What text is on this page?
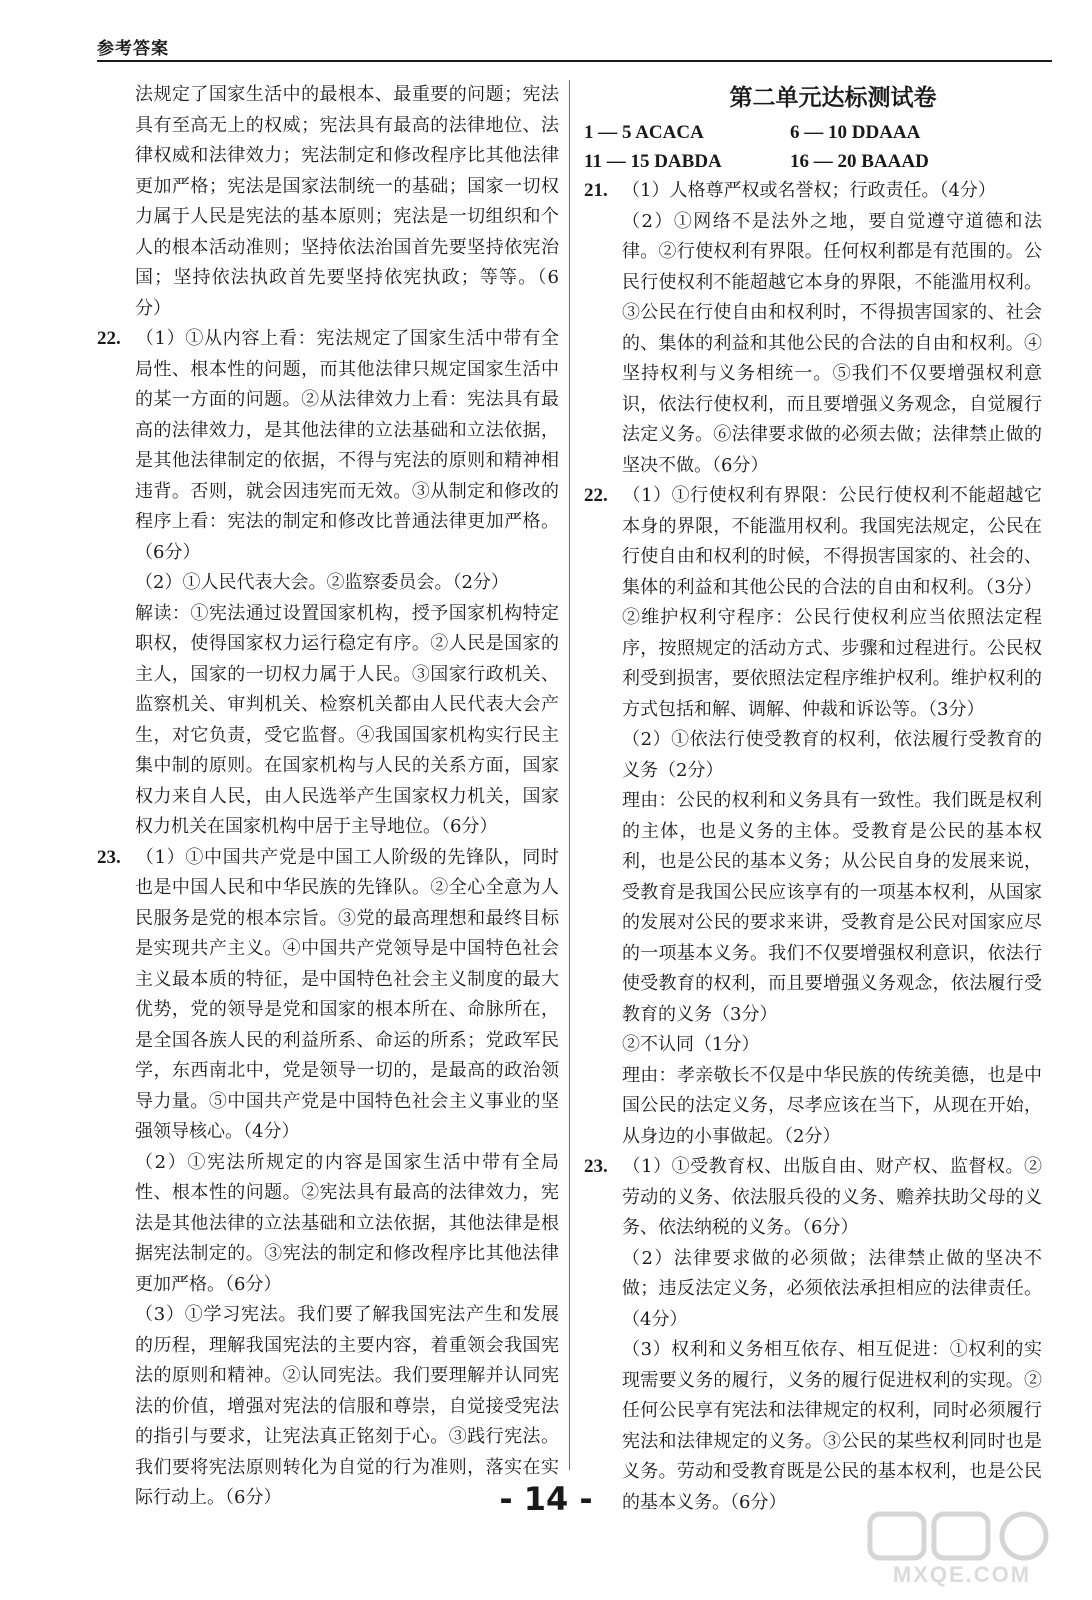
参考答案

法规定了国家生活中的最根本、最重要的问题；宪法具有至高无上的权威；宪法具有最高的法律地位、法律权威和法律效力；宪法制定和修改程序比其他法律更加严格；宪法是国家法制统一的基础；国家一切权力属于人民是宪法的基本原则；宪法是一切组织和个人的根本活动准则；坚持依法治国首先要坚持依宪治国；坚持依法执政首先要坚持依宪执政；等等。（6分）

22. （1）①从内容上看：宪法规定了国家生活中带有全局性、根本性的问题，而其他法律只规定国家生活中的某一方面的问题。②从法律效力上看：宪法具有最高的法律效力，是其他法律的立法基础和立法依据，是其他法律制定的依据，不得与宪法的原则和精神相违背。否则，就会因违宪而无效。③从制定和修改的程序上看：宪法的制定和修改比普通法律更加严格。（6分）

（2）①人民代表大会。②监察委员会。（2分）

解读：①宪法通过设置国家机构，授予国家机构特定职权，使得国家权力运行稳定有序。②人民是国家的主人，国家的一切权力属于人民。③国家行政机关、监察机关、审判机关、检察机关都由人民代表大会产生，对它负责，受它监督。④我国国家机构实行民主集中制的原则。在国家机构与人民的关系方面，国家权力来自人民，由人民选举产生国家权力机关，国家权力机关在国家机构中居于主导地位。（6分）

23. （1）①中国共产党是中国工人阶级的先锋队，同时也是中国人民和中华民族的先锋队。②全心全意为人民服务是党的根本宗旨。③党的最高理想和最终目标是实现共产主义。④中国共产党领导是中国特色社会主义最本质的特征，是中国特色社会主义制度的最大优势，党的领导是党和国家的根本所在、命脉所在，是全国各族人民的利益所系、命运的所系；党政军民学，东西南北中，党是领导一切的，是最高的政治领导力量。⑤中国共产党是中国特色社会主义事业的坚强领导核心。（4分）

（2）①宪法所规定的内容是国家生活中带有全局性、根本性的问题。②宪法具有最高的法律效力，宪法是其他法律的立法基础和立法依据，其他法律是根据宪法制定的。③宪法的制定和修改程序比其他法律更加严格。（6分）

（3）①学习宪法。我们要了解我国宪法产生和发展的历程，理解我国宪法的主要内容，着重领会我国宪法的原则和精神。②认同宪法。我们要理解并认同宪法的价值，增强对宪法的信服和尊崇，自觉接受宪法的指引与要求，让宪法真正铭刻于心。③践行宪法。我们要将宪法原则转化为自觉的行为准则，落实在实际行动上。（6分）

第二单元达标测试卷

1 — 5 ACACA	6 — 10 DDAAA
11 — 15 DABDA	16 — 20 BAAAD

21. （1）人格尊严权或名誉权；行政责任。（4分）

（2）①网络不是法外之地，要自觉遵守道德和法律。②行使权利有界限。任何权利都是有范围的。公民行使权利不能超越它本身的界限，不能滥用权利。③公民在行使自由和权利时，不得损害国家的、社会的、集体的利益和其他公民的合法的自由和权利。④坚持权利与义务相统一。⑤我们不仅要增强权利意识，依法行使权利，而且要增强义务观念，自觉履行法定义务。⑥法律要求做的必须去做；法律禁止做的坚决不做。（6分）

22. （1）①行使权利有界限：公民行使权利不能超越它本身的界限，不能滥用权利。我国宪法规定，公民在行使自由和权利的时候，不得损害国家的、社会的、集体的利益和其他公民的合法的自由和权利。（3分）②维护权利守程序：公民行使权利应当依照法定程序，按照规定的活动方式、步骤和过程进行。公民权利受到损害，要依照法定程序维护权利。维护权利的方式包括和解、调解、仲裁和诉讼等。（3分）

（2）①依法行使受教育的权利，依法履行受教育的义务（2分）

理由：公民的权利和义务具有一致性。我们既是权利的主体，也是义务的主体。受教育是公民的基本权利，也是公民的基本义务；从公民自身的发展来说，受教育是我国公民应该享有的一项基本权利，从国家的发展对公民的要求来讲，受教育是公民对国家应尽的一项基本义务。我们不仅要增强权利意识，依法行使受教育的权利，而且要增强义务观念，依法履行受教育的义务（3分）

②不认同（1分）

理由：孝亲敬长不仅是中华民族的传统美德，也是中国公民的法定义务，尽孝应该在当下，从现在开始，从身边的小事做起。（2分）

23. （1）①受教育权、出版自由、财产权、监督权。②劳动的义务、依法服兵役的义务、赡养扶助父母的义务、依法纳税的义务。（6分）

（2）法律要求做的必须做；法律禁止做的坚决不做；违反法定义务，必须依法承担相应的法律责任。（4分）

（3）权利和义务相互依存、相互促进：①权利的实现需要义务的履行，义务的履行促进权利的实现。②任何公民享有宪法和法律规定的权利，同时必须履行宪法和法律规定的义务。③公民的某些权利同时也是义务。劳动和受教育既是公民的基本权利，也是公民的基本义务。（6分）

- 14 -
MXQE.COM
